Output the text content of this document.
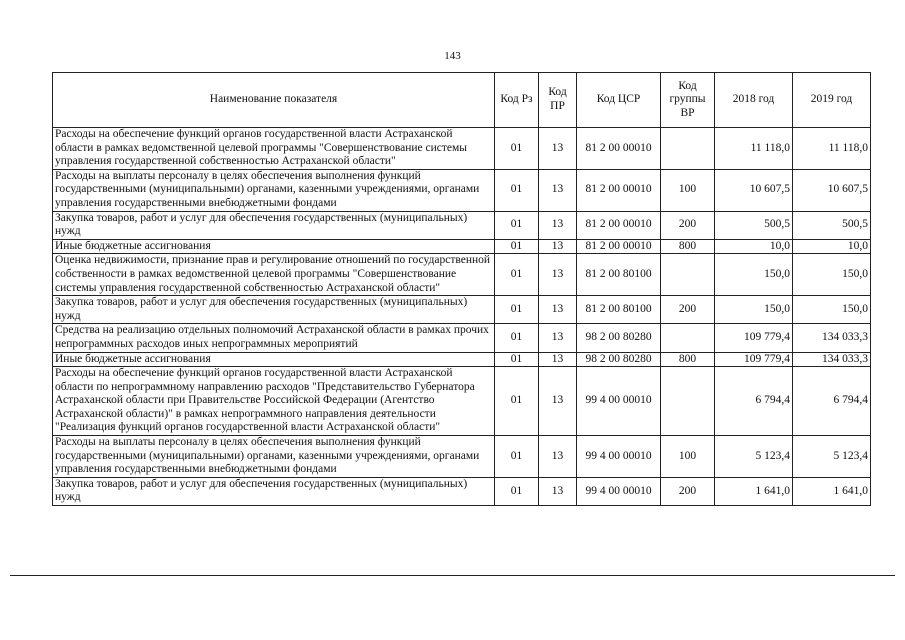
143
Наименование показателя	Код Рз	Код ПР	Код ЦСР	Код группы ВР	2018 год	2019 год
Расходы на обеспечение функций органов государственной власти Астраханской области в рамках ведомственной целевой программы "Совершенствование системы управления государственной собственностью Астраханской области"	01	13	81 2 00 00010		11 118,0	11 118,0
Расходы на выплаты персоналу в целях обеспечения выполнения функций государственными (муниципальными) органами, казенными учреждениями, органами управления государственными внебюджетными фондами	01	13	81 2 00 00010	100	10 607,5	10 607,5
Закупка товаров, работ и услуг для обеспечения государственных (муниципальных) нужд	01	13	81 2 00 00010	200	500,5	500,5
Иные бюджетные ассигнования	01	13	81 2 00 00010	800	10,0	10,0
Оценка недвижимости, признание прав и регулирование отношений по государственной собственности в рамках ведомственной целевой программы "Совершенствование системы управления государственной собственностью Астраханской области"	01	13	81 2 00 80100		150,0	150,0
Закупка товаров, работ и услуг для обеспечения государственных (муниципальных) нужд	01	13	81 2 00 80100	200	150,0	150,0
Средства на реализацию отдельных полномочий Астраханской области в рамках прочих непрограммных расходов иных непрограммных мероприятий	01	13	98 2 00 80280		109 779,4	134 033,3
Иные бюджетные ассигнования	01	13	98 2 00 80280	800	109 779,4	134 033,3
Расходы на обеспечение функций органов государственной власти Астраханской области по непрограммному направлению расходов "Представительство Губернатора Астраханской области при Правительстве Российской Федерации (Агентство Астраханской области)" в рамках непрограммного направления деятельности "Реализация функций органов государственной власти Астраханской области"	01	13	99 4 00 00010		6 794,4	6 794,4
Расходы на выплаты персоналу в целях обеспечения выполнения функций государственными (муниципальными) органами, казенными учреждениями, органами управления государственными внебюджетными фондами	01	13	99 4 00 00010	100	5 123,4	5 123,4
Закупка товаров, работ и услуг для обеспечения государственных (муниципальных) нужд	01	13	99 4 00 00010	200	1 641,0	1 641,0
